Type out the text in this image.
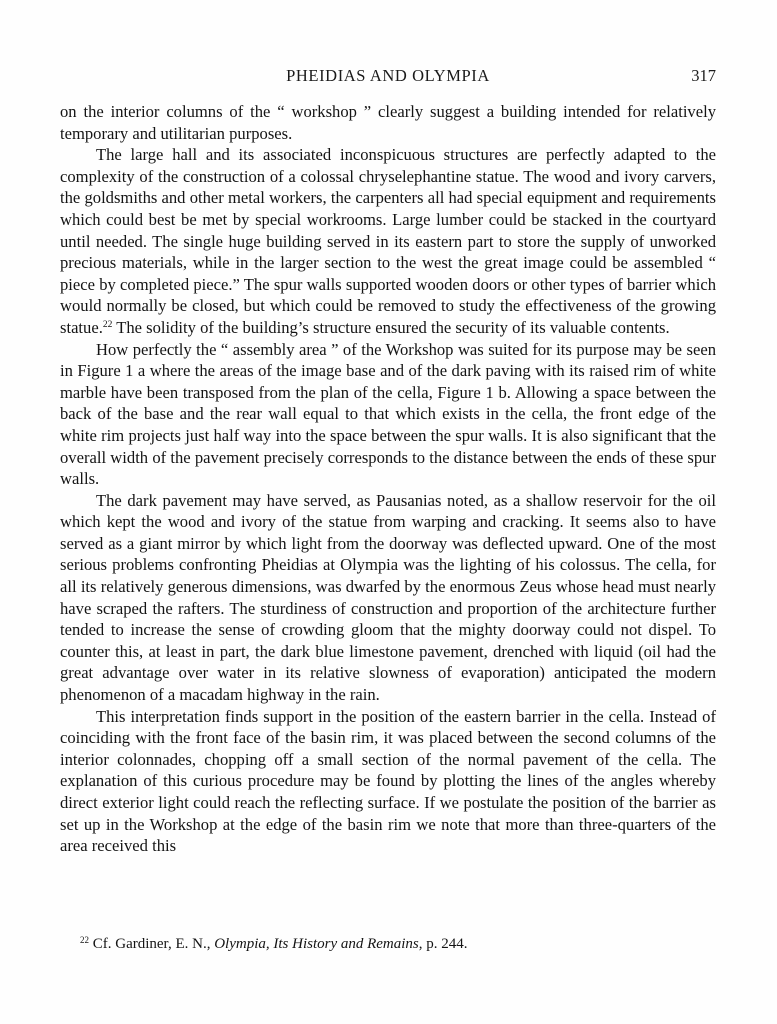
PHEIDIAS AND OLYMPIA	317

on the interior columns of the “ workshop ” clearly suggest a building intended for relatively temporary and utilitarian purposes.

The large hall and its associated inconspicuous structures are perfectly adapted to the complexity of the construction of a colossal chryselephantine statue. The wood and ivory carvers, the goldsmiths and other metal workers, the carpenters all had special equipment and requirements which could best be met by special workrooms. Large lumber could be stacked in the courtyard until needed. The single huge building served in its eastern part to store the supply of unworked precious materials, while in the larger section to the west the great image could be assembled “ piece by completed piece.” The spur walls supported wooden doors or other types of barrier which would normally be closed, but which could be removed to study the effectiveness of the growing statue.$^{22}$ The solidity of the building’s structure ensured the security of its valuable contents.

How perfectly the “ assembly area ” of the Workshop was suited for its purpose may be seen in Figure 1 a where the areas of the image base and of the dark paving with its raised rim of white marble have been transposed from the plan of the cella, Figure 1 b. Allowing a space between the back of the base and the rear wall equal to that which exists in the cella, the front edge of the white rim projects just half way into the space between the spur walls. It is also significant that the overall width of the pavement precisely corresponds to the distance between the ends of these spur walls.

The dark pavement may have served, as Pausanias noted, as a shallow reservoir for the oil which kept the wood and ivory of the statue from warping and cracking. It seems also to have served as a giant mirror by which light from the doorway was deflected upward. One of the most serious problems confronting Pheidias at Olympia was the lighting of his colossus. The cella, for all its relatively generous dimensions, was dwarfed by the enormous Zeus whose head must nearly have scraped the rafters. The sturdiness of construction and proportion of the architecture further tended to increase the sense of crowding gloom that the mighty doorway could not dispel. To counter this, at least in part, the dark blue limestone pavement, drenched with liquid (oil had the great advantage over water in its relative slowness of evaporation) anticipated the modern phenomenon of a macadam highway in the rain.

This interpretation finds support in the position of the eastern barrier in the cella. Instead of coinciding with the front face of the basin rim, it was placed between the second columns of the interior colonnades, chopping off a small section of the normal pavement of the cella. The explanation of this curious procedure may be found by plotting the lines of the angles whereby direct exterior light could reach the reflecting surface. If we postulate the position of the barrier as set up in the Workshop at the edge of the basin rim we note that more than three-quarters of the area received this

$^{22}$ Cf. Gardiner, E. N., Olympia, Its History and Remains, p. 244.
